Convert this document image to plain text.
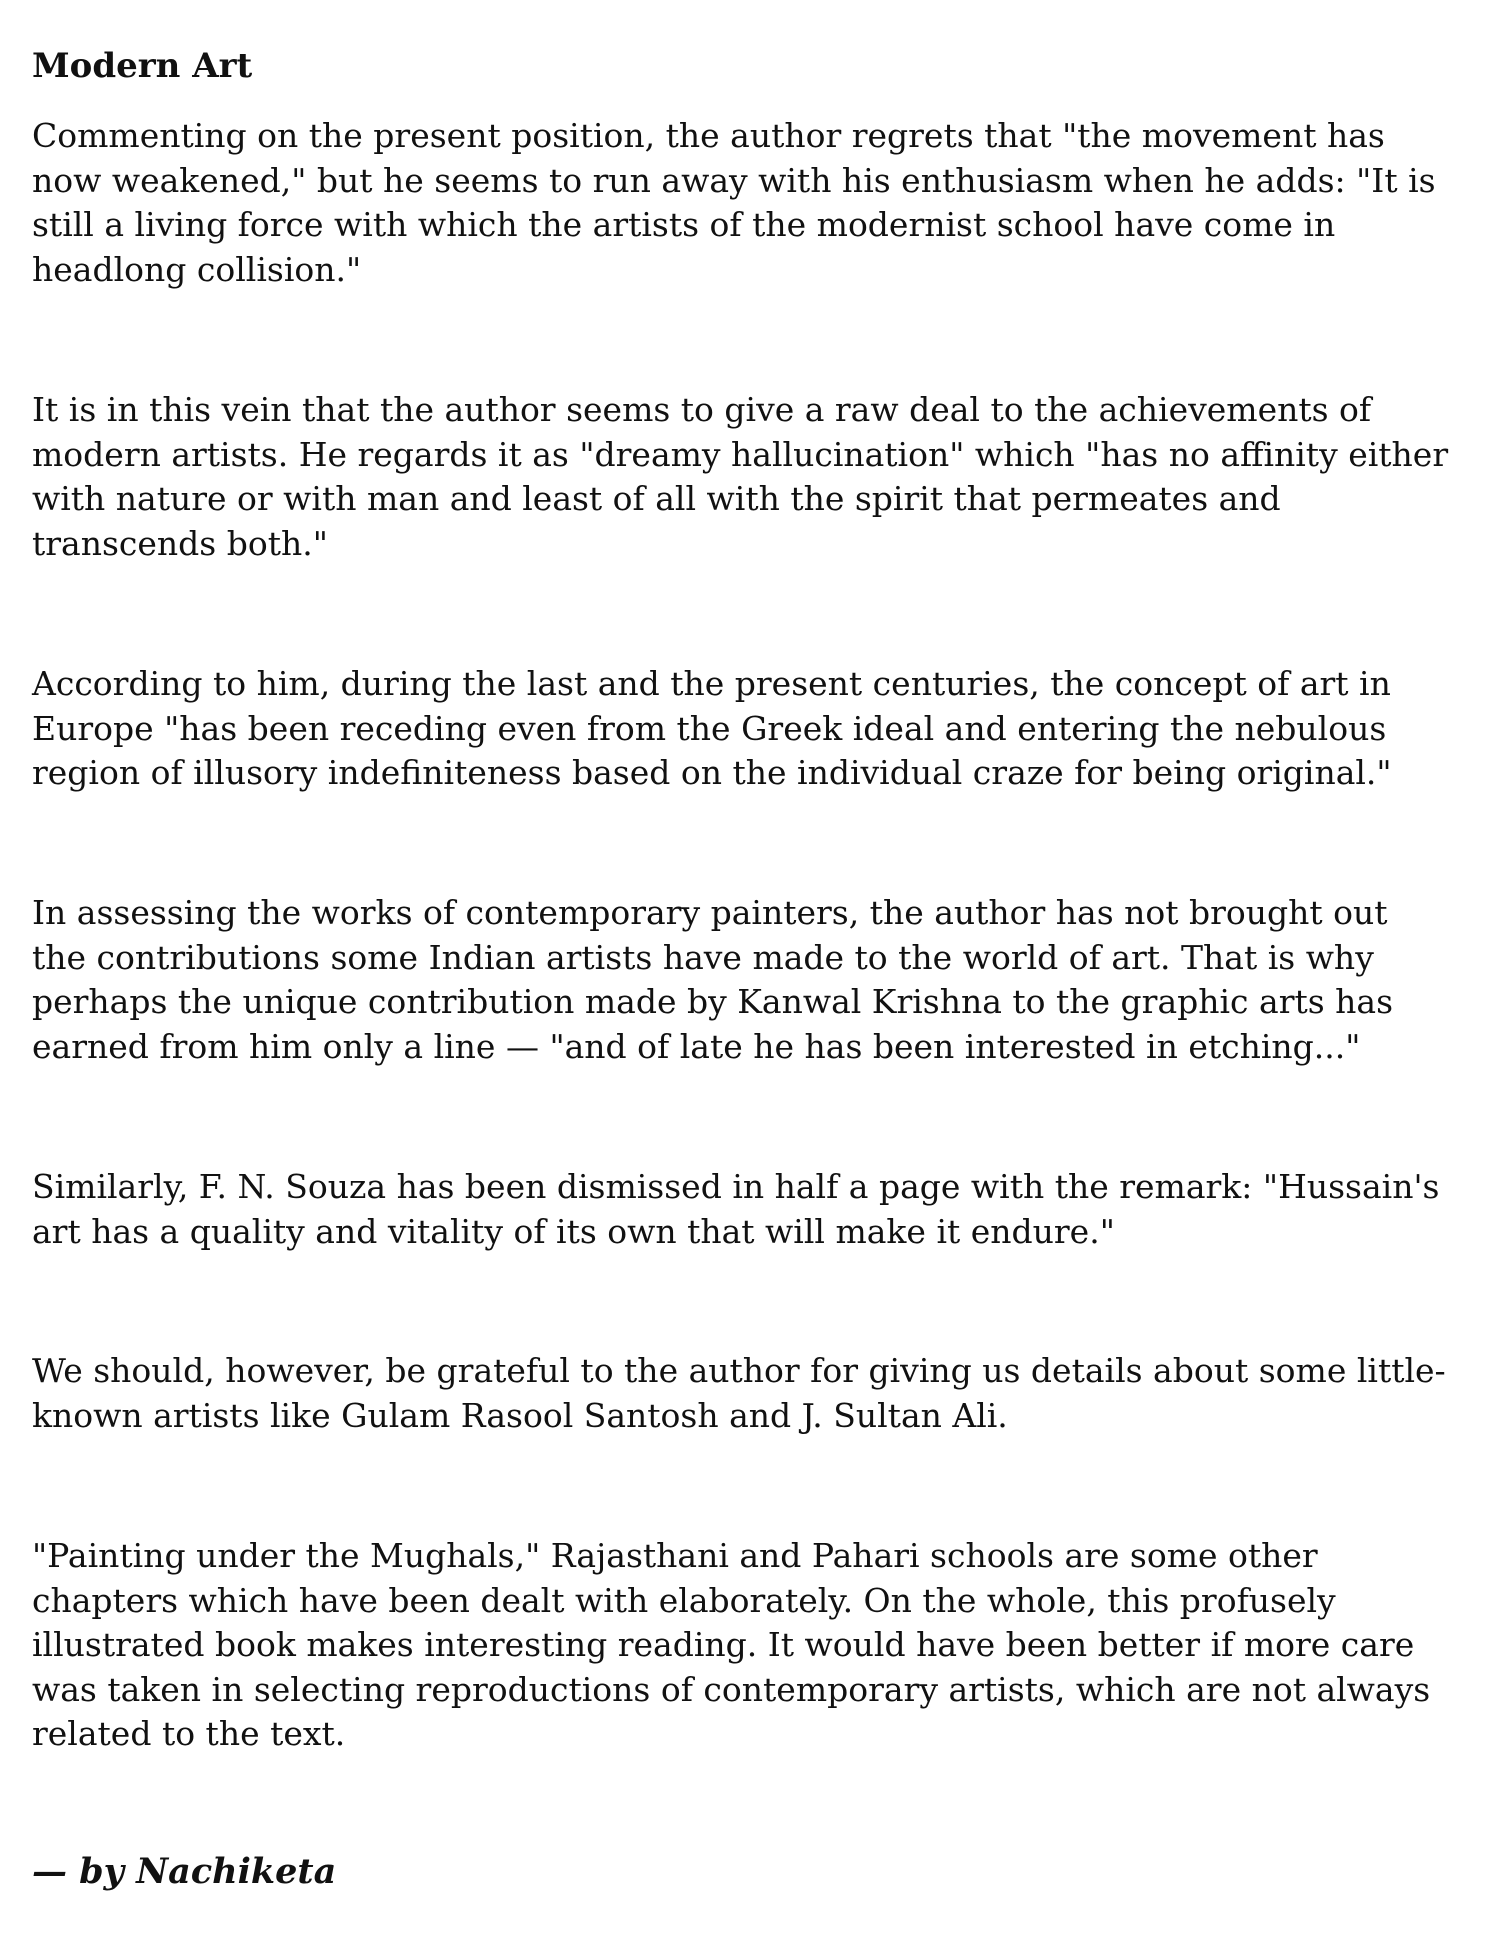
Modern Art

Commenting on the present position, the author regrets that "the movement has now weakened," but he seems to run away with his enthusiasm when he adds: "It is still a living force with which the artists of the modernist school have come in headlong collision."

It is in this vein that the author seems to give a raw deal to the achievements of modern artists. He regards it as "dreamy hallucination" which "has no affinity either with nature or with man and least of all with the spirit that permeates and transcends both."

According to him, during the last and the present centuries, the concept of art in Europe "has been receding even from the Greek ideal and entering the nebulous region of illusory indefiniteness based on the individual craze for being original."

In assessing the works of contemporary painters, the author has not brought out the contributions some Indian artists have made to the world of art. That is why perhaps the unique contribution made by Kanwal Krishna to the graphic arts has earned from him only a line — "and of late he has been interested in etching..."

Similarly, F. N. Souza has been dismissed in half a page with the remark: "Hussain's art has a quality and vitality of its own that will make it endure."

We should, however, be grateful to the author for giving us details about some little-known artists like Gulam Rasool Santosh and J. Sultan Ali.

"Painting under the Mughals," Rajasthani and Pahari schools are some other chapters which have been dealt with elaborately. On the whole, this profusely illustrated book makes interesting reading. It would have been better if more care was taken in selecting reproductions of contemporary artists, which are not always related to the text.

— by Nachiketa
